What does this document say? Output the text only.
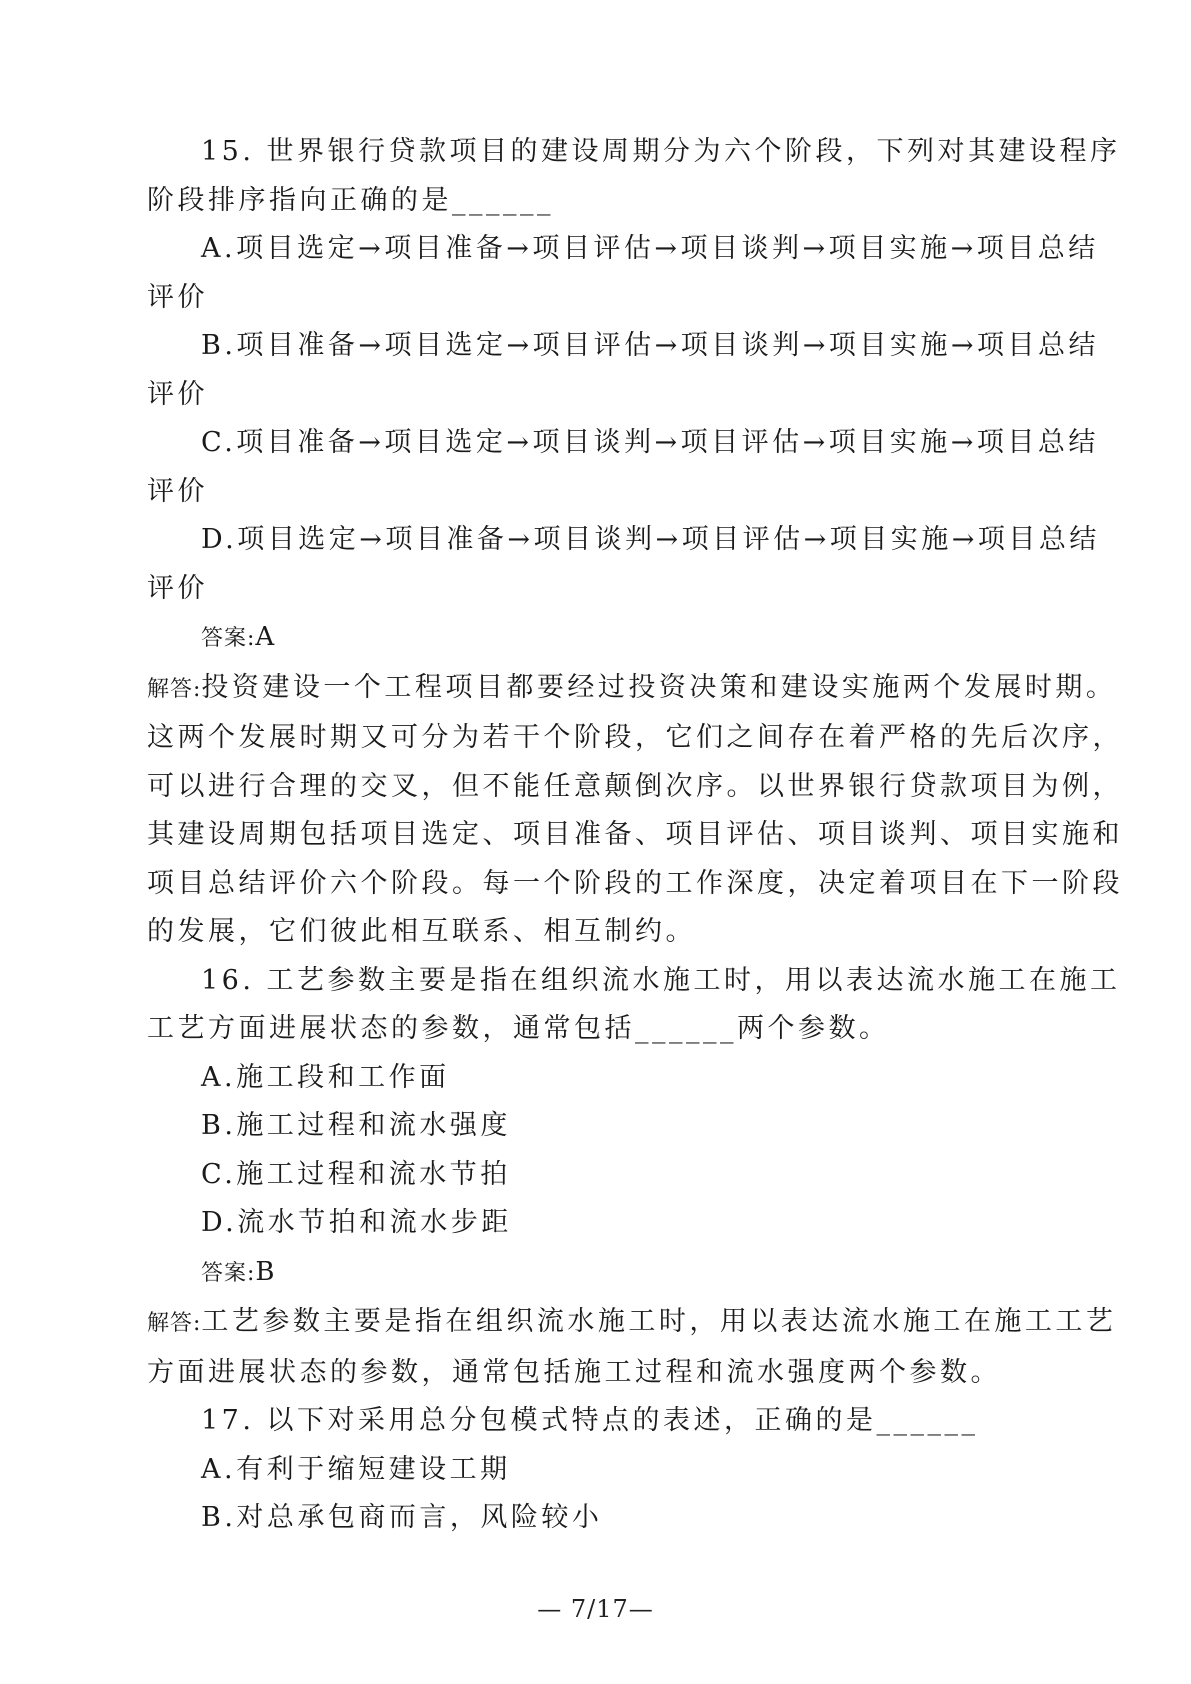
15. 世界银行贷款项目的建设周期分为六个阶段，下列对其建设程序
阶段排序指向正确的是______
A.项目选定→项目准备→项目评估→项目谈判→项目实施→项目总结
评价
B.项目准备→项目选定→项目评估→项目谈判→项目实施→项目总结
评价
C.项目准备→项目选定→项目谈判→项目评估→项目实施→项目总结
评价
D.项目选定→项目准备→项目谈判→项目评估→项目实施→项目总结
评价
答案:A
解答:投资建设一个工程项目都要经过投资决策和建设实施两个发展时期。
这两个发展时期又可分为若干个阶段，它们之间存在着严格的先后次序，
可以进行合理的交叉，但不能任意颠倒次序。以世界银行贷款项目为例，
其建设周期包括项目选定、项目准备、项目评估、项目谈判、项目实施和
项目总结评价六个阶段。每一个阶段的工作深度，决定着项目在下一阶段
的发展，它们彼此相互联系、相互制约。
16. 工艺参数主要是指在组织流水施工时，用以表达流水施工在施工
工艺方面进展状态的参数，通常包括______两个参数。
A.施工段和工作面
B.施工过程和流水强度
C.施工过程和流水节拍
D.流水节拍和流水步距
答案:B
解答:工艺参数主要是指在组织流水施工时，用以表达流水施工在施工工艺
方面进展状态的参数，通常包括施工过程和流水强度两个参数。
17. 以下对采用总分包模式特点的表述，正确的是______
A.有利于缩短建设工期
B.对总承包商而言，风险较小
— 7/17—
